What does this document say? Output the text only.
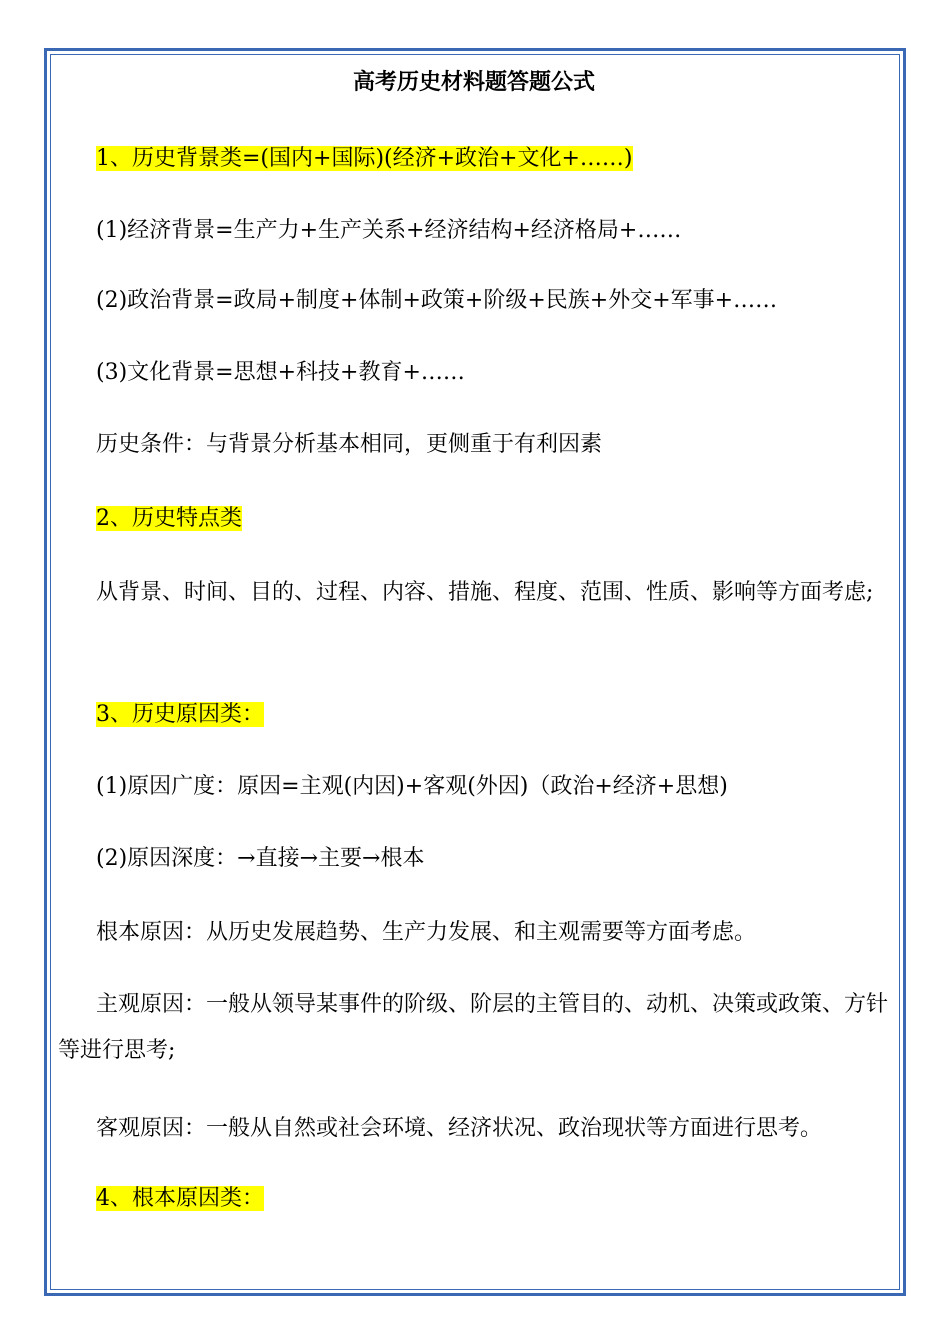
高考历史材料题答题公式

1、历史背景类=(国内+国际)(经济+政治+文化+……)

(1)经济背景=生产力+生产关系+经济结构+经济格局+……

(2)政治背景=政局+制度+体制+政策+阶级+民族+外交+军事+……

(3)文化背景=思想+科技+教育+……

历史条件：与背景分析基本相同，更侧重于有利因素

2、历史特点类

从背景、时间、目的、过程、内容、措施、程度、范围、性质、影响等方面考虑;

3、历史原因类：

(1)原因广度：原因=主观(内因)+客观(外因)（政治+经济+思想)

(2)原因深度：→直接→主要→根本

根本原因：从历史发展趋势、生产力发展、和主观需要等方面考虑。

主观原因：一般从领导某事件的阶级、阶层的主管目的、动机、决策或政策、方针等进行思考;

客观原因：一般从自然或社会环境、经济状况、政治现状等方面进行思考。

4、根本原因类：
